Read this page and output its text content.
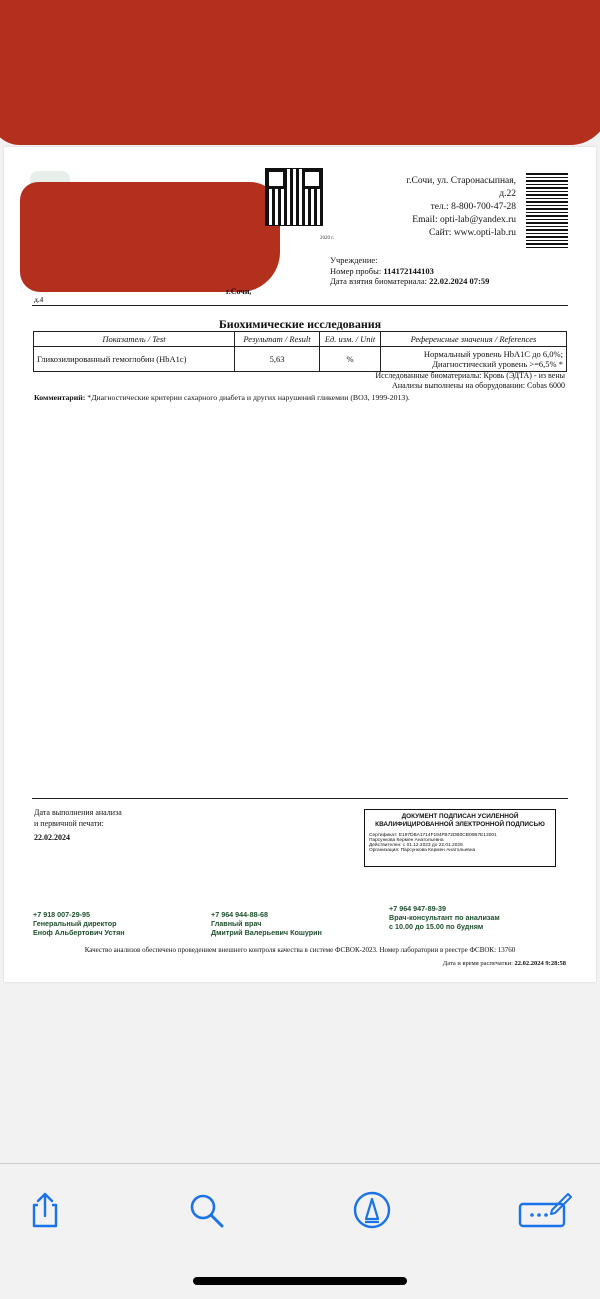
2020 г.
г.Сочи, ул. Старонасыпная,
д.22
тел.: 8-800-700-47-28
Email: opti-lab@yandex.ru
Сайт: www.opti-lab.ru
Учреждение:
Номер пробы: 114172144103
Дата взятия биоматериала: 22.02.2024 07:59
г.Сочи,
д.4
Биохимические исследования
Показатель / Test	Результат / Result	Ед. изм. / Unit	Референсные значения / References
Гликозилированный гемоглобин (HbA1c)	5,63	%	Нормальный уровень HbA1C до 6,0%;
Диагностический уровень >=6,5% *
Исследованные биоматериалы: Кровь (ЭДТА) - из вены
Анализы выполнены на оборудовании: Cobas 6000
Комментарий: *Диагностические критерии сахарного диабета и других нарушений гликемии (ВОЗ, 1999-2013).
Дата выполнения анализа
и первичной печати:
22.02.2024
ДОКУМЕНТ ПОДПИСАН УСИЛЕННОЙ
КВАЛИФИЦИРОВАННОЙ ЭЛЕКТРОННОЙ ПОДПИСЬЮ
Сертификат: E197DBA1714F194FB72DB0CB00B7E13001
Парсункова Кермен Анатольевна
Действителен: с 01.12.2023 до 22.01.2025
Организация: Парсункова Кермен Анатольевна
+7 918 007-29-95
Генеральный директор
Еноф Альбертович Устян
+7 964 944-88-68
Главный врач
Дмитрий Валерьевич Кошурин
+7 964 947-89-39
Врач-консультант по анализам
с 10.00 до 15.00 по будням
Качество анализов обеспечено проведением внешнего контроля качества в системе ФСВОК-2023. Номер лаборатории в реестре ФСВОК: 13760
Дата и время распечатки: 22.02.2024 9:28:58
